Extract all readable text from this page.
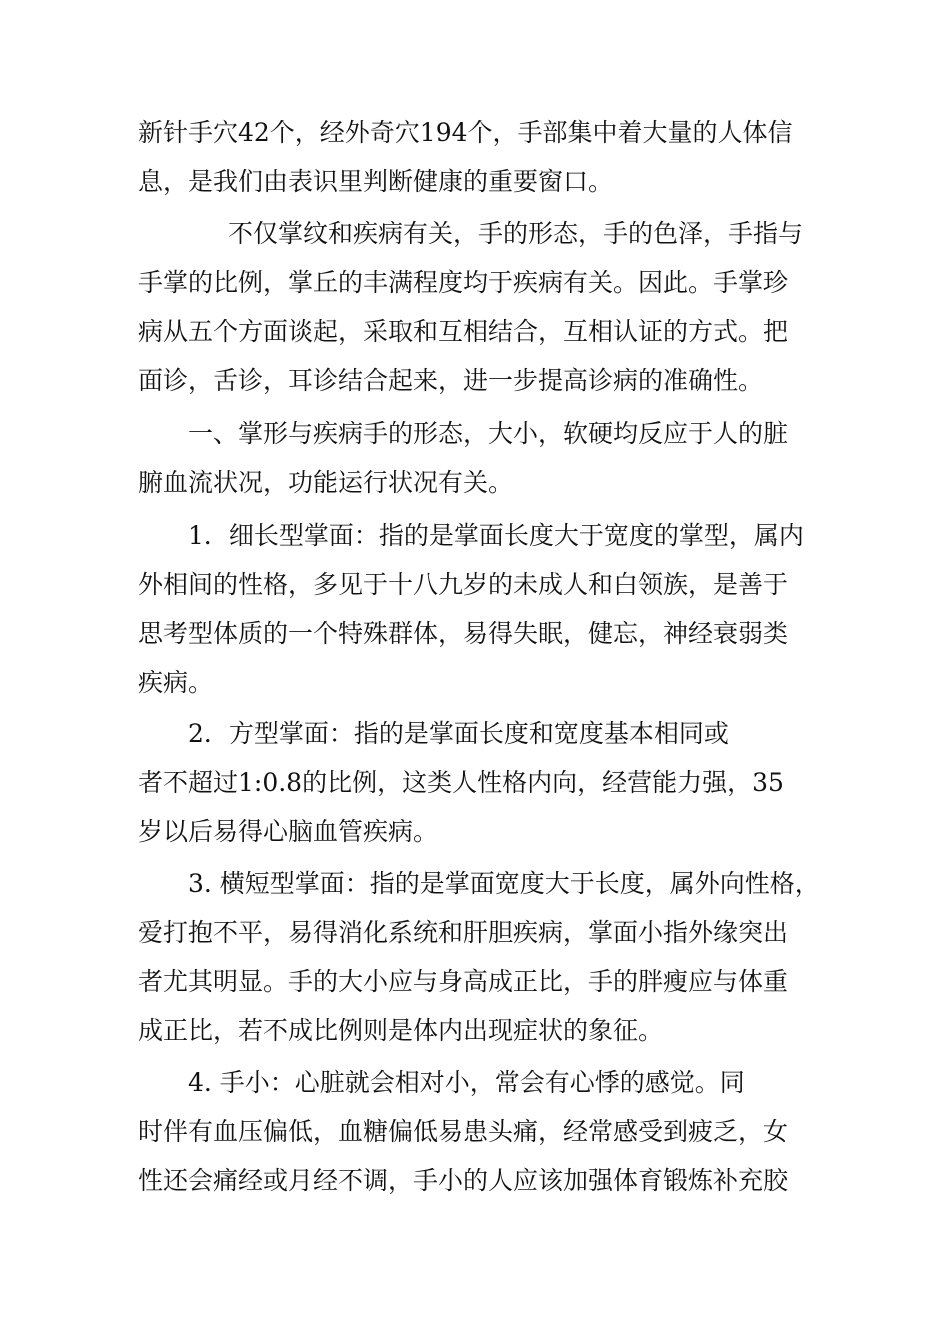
新针手穴42个，经外奇穴194个，手部集中着大量的人体信

息，是我们由表识里判断健康的重要窗口。

不仅掌纹和疾病有关，手的形态，手的色泽，手指与

手掌的比例，掌丘的丰满程度均于疾病有关。因此。手掌珍

病从五个方面谈起，采取和互相结合，互相认证的方式。把

面诊，舌诊，耳诊结合起来，进一步提高诊病的准确性。

一、掌形与疾病手的形态，大小，软硬均反应于人的脏

腑血流状况，功能运行状况有关。

1．细长型掌面：指的是掌面长度大于宽度的掌型，属内

外相间的性格，多见于十八九岁的未成人和白领族，是善于

思考型体质的一个特殊群体，易得失眠，健忘，神经衰弱类

疾病。

2．方型掌面：指的是掌面长度和宽度基本相同或

者不超过1:0.8的比例，这类人性格内向，经营能力强，35

岁以后易得心脑血管疾病。

3. 横短型掌面：指的是掌面宽度大于长度，属外向性格，

爱打抱不平，易得消化系统和肝胆疾病，掌面小指外缘突出

者尤其明显。手的大小应与身高成正比，手的胖瘦应与体重

成正比，若不成比例则是体内出现症状的象征。

4. 手小：心脏就会相对小，常会有心悸的感觉。同

时伴有血压偏低，血糖偏低易患头痛，经常感受到疲乏，女

性还会痛经或月经不调，手小的人应该加强体育锻炼补充胶
